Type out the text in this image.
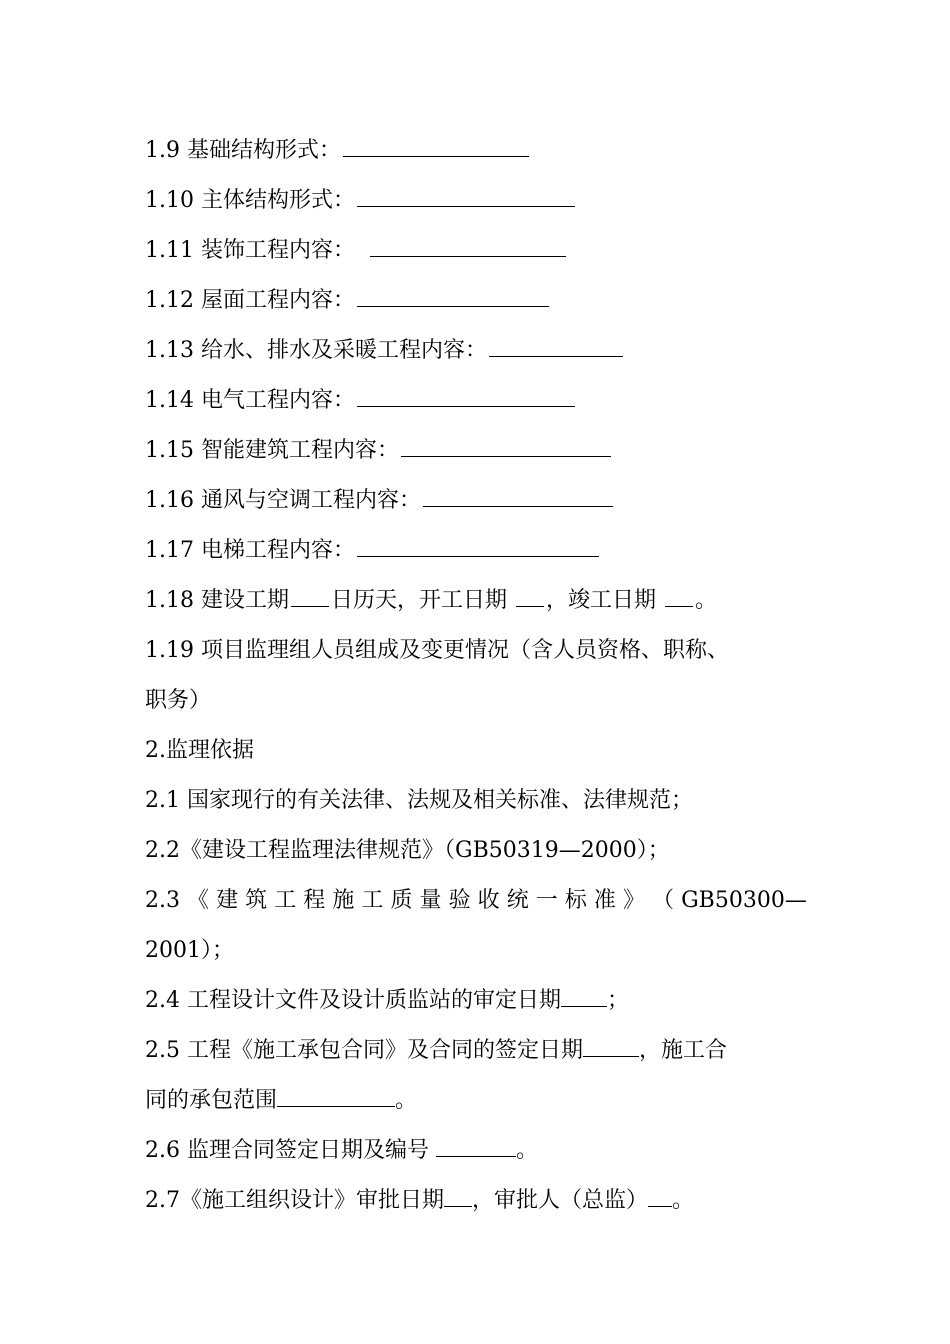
1.9 基础结构形式：
1.10 主体结构形式：
1.11 装饰工程内容：
1.12 屋面工程内容：
1.13 给水、排水及采暖工程内容：
1.14 电气工程内容：
1.15 智能建筑工程内容：
1.16 通风与空调工程内容：
1.17 电梯工程内容：
1.18 建设工期 日历天，开工日期 ，竣工日期 。
1.19 项目监理组人员组成及变更情况（含人员资格、职称、
职务）
2.监理依据
2.1 国家现行的有关法律、法规及相关标准、法律规范；
2.2《建设工程监理法律规范》（GB50319—2000）；
2.3 《 建 筑 工 程 施 工 质 量 验 收 统 一 标 准 》 （ GB50300—
2001）；
2.4 工程设计文件及设计质监站的审定日期 ；
2.5 工程《施工承包合同》及合同的签定日期	，施工合
同的承包范围	。
2.6 监理合同签定日期及编号	。
2.7《施工组织设计》审批日期 ，审批人（总监） 。
